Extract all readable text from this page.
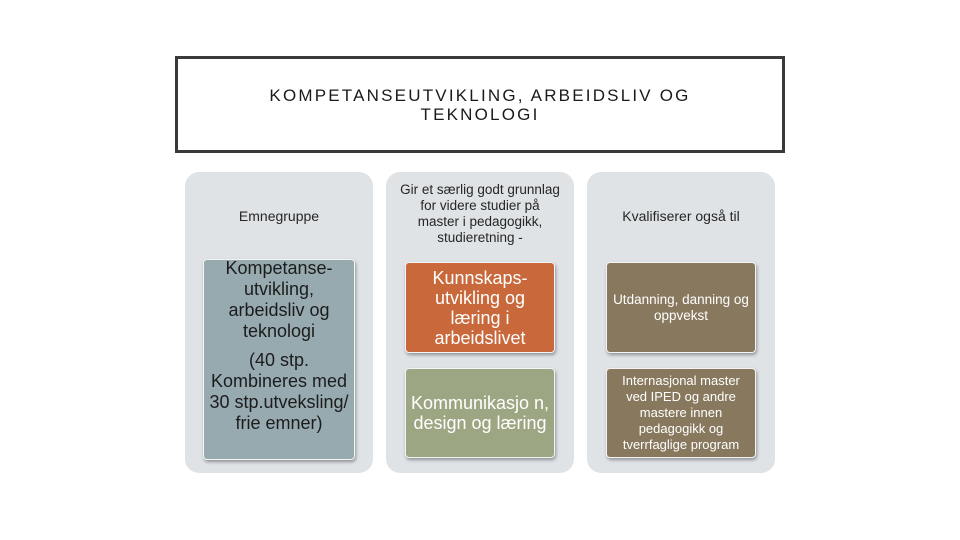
KOMPETANSEUTVIKLING, ARBEIDSLIV OG TEKNOLOGI
Emnegruppe
Gir et særlig godt grunnlag for videre studier på master i pedagogikk, studieretning -
Kvalifiserer også til
Kompetanse-utvikling, arbeidsliv og teknologi
(40 stp. Kombineres med 30 stp.utveksling/ frie emner)
Kunnskaps-utvikling og læring i arbeidslivet
Kommunikasjo n, design og læring
Utdanning, danning og oppvekst
Internasjonal master ved IPED og andre mastere innen pedagogikk og tverrfaglige program
